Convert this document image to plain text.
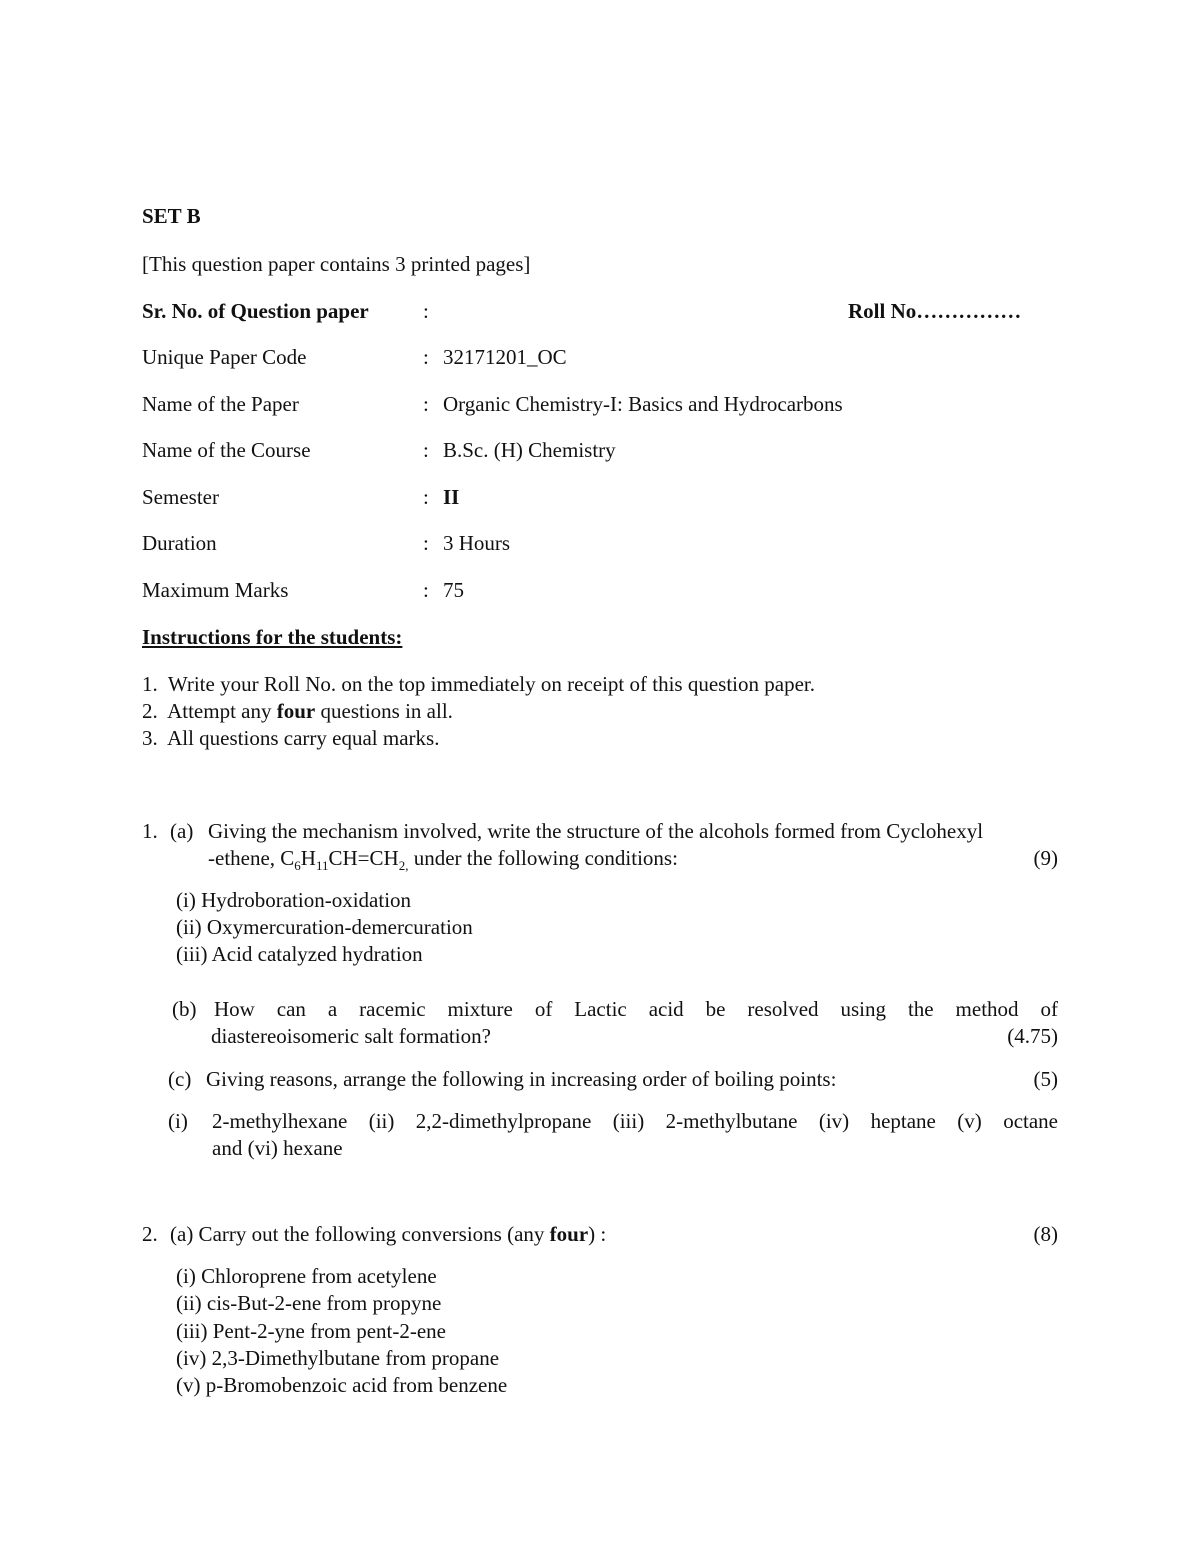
SET B
[This question paper contains 3 printed pages]
Sr. No. of Question paper	:	Roll No……………
Unique Paper Code	: 32171201_OC
Name of the Paper	: Organic Chemistry-I: Basics and Hydrocarbons
Name of the Course	: B.Sc. (H) Chemistry
Semester	: II
Duration	: 3 Hours
Maximum Marks	: 75
Instructions for the students:
1. Write your Roll No. on the top immediately on receipt of this question paper.
2. Attempt any four questions in all.
3. All questions carry equal marks.
1. (a) Giving the mechanism involved, write the structure of the alcohols formed from Cyclohexyl
-ethene, $C_6H_{11}CH=CH_{2,}$ under the following conditions:	(9)
(i) Hydroboration-oxidation
(ii) Oxymercuration-demercuration
(iii) Acid catalyzed hydration
(b) How can a racemic mixture of Lactic acid be resolved using the method of
diastereoisomeric salt formation?	(4.75)
(c) Giving reasons, arrange the following in increasing order of boiling points:	(5)
(i) 2-methylhexane (ii) 2,2-dimethylpropane (iii) 2-methylbutane (iv) heptane (v) octane
and (vi) hexane
2. (a) Carry out the following conversions (any four) :	(8)
(i) Chloroprene from acetylene
(ii) cis-But-2-ene from propyne
(iii) Pent-2-yne from pent-2-ene
(iv) 2,3-Dimethylbutane from propane
(v) p-Bromobenzoic acid from benzene
